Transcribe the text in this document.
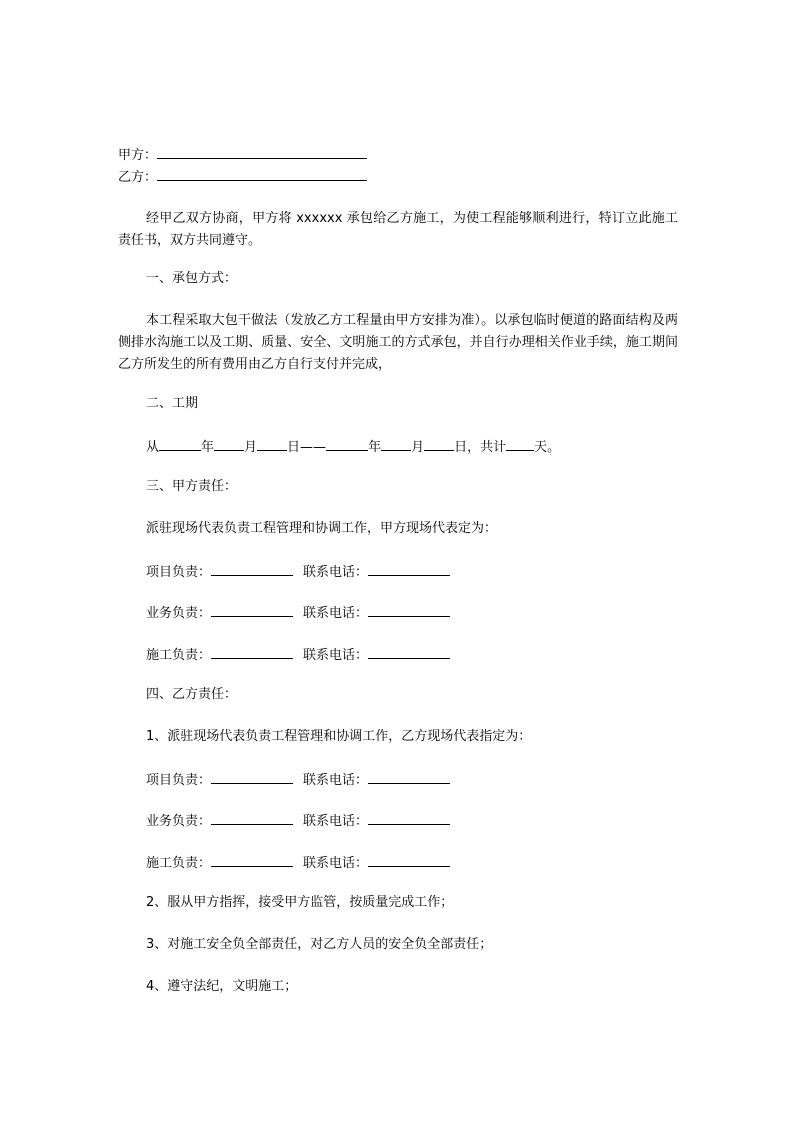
甲方：
乙方：
经甲乙双方协商，甲方将 xxxxxx 承包给乙方施工，为使工程能够顺利进行，特订立此施工责任书，双方共同遵守。
一、承包方式：
本工程采取大包干做法（发放乙方工程量由甲方安排为准）。以承包临时便道的路面结构及两侧排水沟施工以及工期、质量、安全、文明施工的方式承包，并自行办理相关作业手续，施工期间乙方所发生的所有费用由乙方自行支付并完成，
二、工期
从	年 月 日——	年 月 日，共计 天。
三、甲方责任：
派驻现场代表负责工程管理和协调工作，甲方现场代表定为：
项目负责：	联系电话：
业务负责：	联系电话：
施工负责：	联系电话：
四、乙方责任：
1、派驻现场代表负责工程管理和协调工作，乙方现场代表指定为：
项目负责：	联系电话：
业务负责：	联系电话：
施工负责：	联系电话：
2、服从甲方指挥，接受甲方监管，按质量完成工作；
3、对施工安全负全部责任，对乙方人员的安全负全部责任；
4、遵守法纪，文明施工；
